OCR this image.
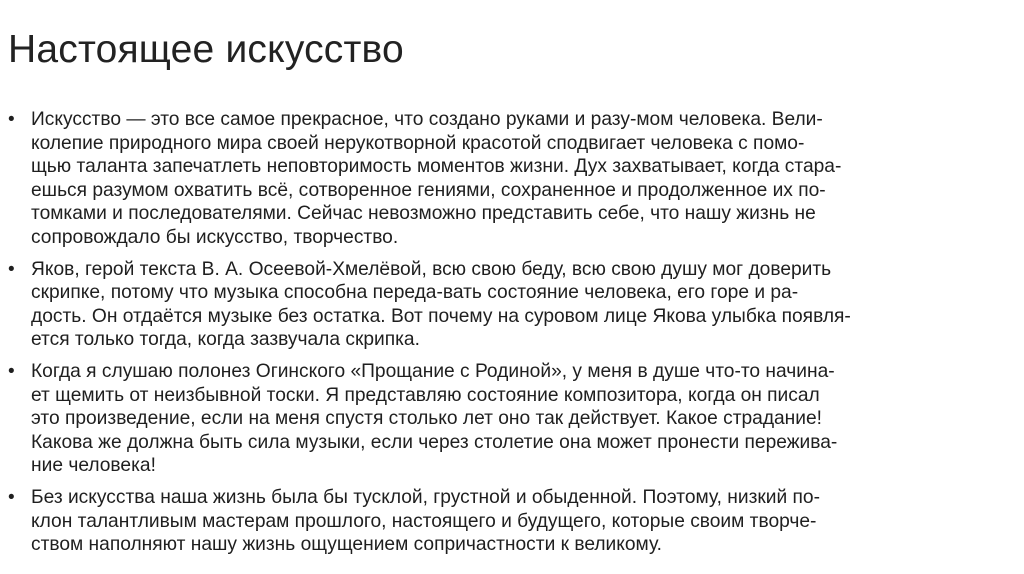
Настоящее искусство
• Искусство — это все самое прекрасное, что создано руками и разу-мом человека. Вели-
колепие природного мира своей нерукотворной красотой сподвигает человека с помо-
щью таланта запечатлеть неповторимость моментов жизни. Дух захватывает, когда стара-
ешься разумом охватить всё, сотворенное гениями, сохраненное и продолженное их по-
томками и последователями. Сейчас невозможно представить себе, что нашу жизнь не
сопровождало бы искусство, творчество.
• Яков, герой текста В. А. Осеевой-Хмелёвой, всю свою беду, всю свою душу мог доверить
скрипке, потому что музыка способна переда-вать состояние человека, его горе и ра-
дость. Он отдаётся музыке без остатка. Вот почему на суровом лице Якова улыбка появля-
ется только тогда, когда зазвучала скрипка.
• Когда я слушаю полонез Огинского «Прощание с Родиной», у меня в душе что-то начина-
ет щемить от неизбывной тоски. Я представляю состояние композитора, когда он писал
это произведение, если на меня спустя столько лет оно так действует. Какое страдание!
Какова же должна быть сила музыки, если через столетие она может пронести пережива-
ние человека!
• Без искусства наша жизнь была бы тусклой, грустной и обыденной. Поэтому, низкий по-
клон талантливым мастерам прошлого, настоящего и будущего, которые своим творче-
ством наполняют нашу жизнь ощущением сопричастности к великому.
